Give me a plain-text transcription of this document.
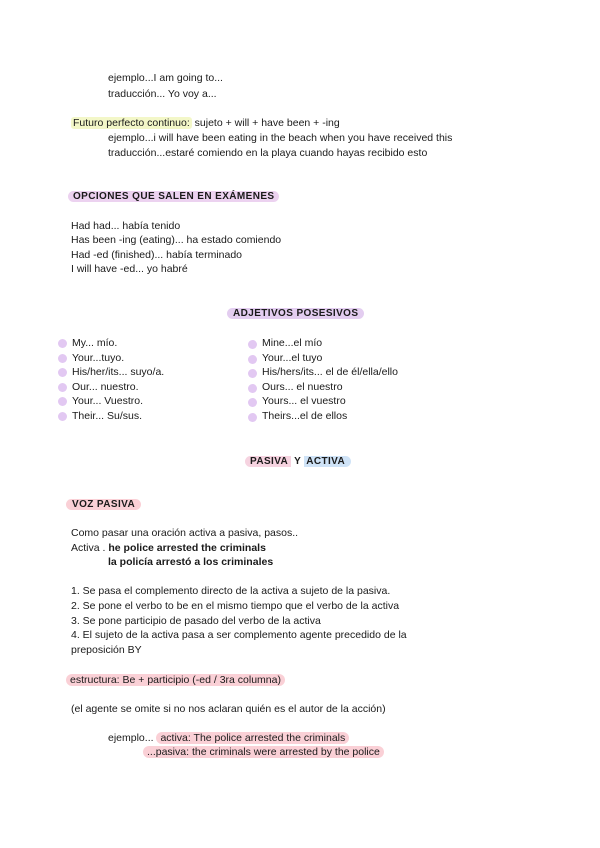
ejemplo...I am going to...
traducción... Yo voy a...
Futuro perfecto continuo: sujeto + will + have been + -ing
ejemplo...i will have been eating in the beach when you have received this
traducción...estaré comiendo en la playa cuando hayas recibido esto
OPCIONES QUE SALEN EN EXÁMENES
Had had... había tenido
Has been -ing (eating)... ha estado comiendo
Had -ed (finished)... había terminado
I will have -ed... yo habré
ADJETIVOS POSESIVOS
My... mío.
Your...tuyo.
His/her/its... suyo/a.
Our... nuestro.
Your... Vuestro.
Their... Su/sus.
Mine...el mío
Your...el tuyo
His/hers/its... el de él/ella/ello
Ours... el nuestro
Yours... el vuestro
Theirs...el de ellos
PASIVA Y ACTIVA
VOZ PASIVA
Como pasar una oración activa a pasiva, pasos..
Activa . he police arrested the criminals
la policía arrestó a los criminales
1. Se pasa el complemento directo de la activa a sujeto de la pasiva.
2. Se pone el verbo to be en el mismo tiempo que el verbo de la activa
3. Se pone participio de pasado del verbo de la activa
4. El sujeto de la activa pasa a ser complemento agente precedido de la
preposición BY
estructura: Be + participio (-ed / 3ra columna)
(el agente se omite si no nos aclaran quién es el autor de la acción)
ejemplo... activa: The police arrested the criminals
...pasiva: the criminals were arrested by the police
